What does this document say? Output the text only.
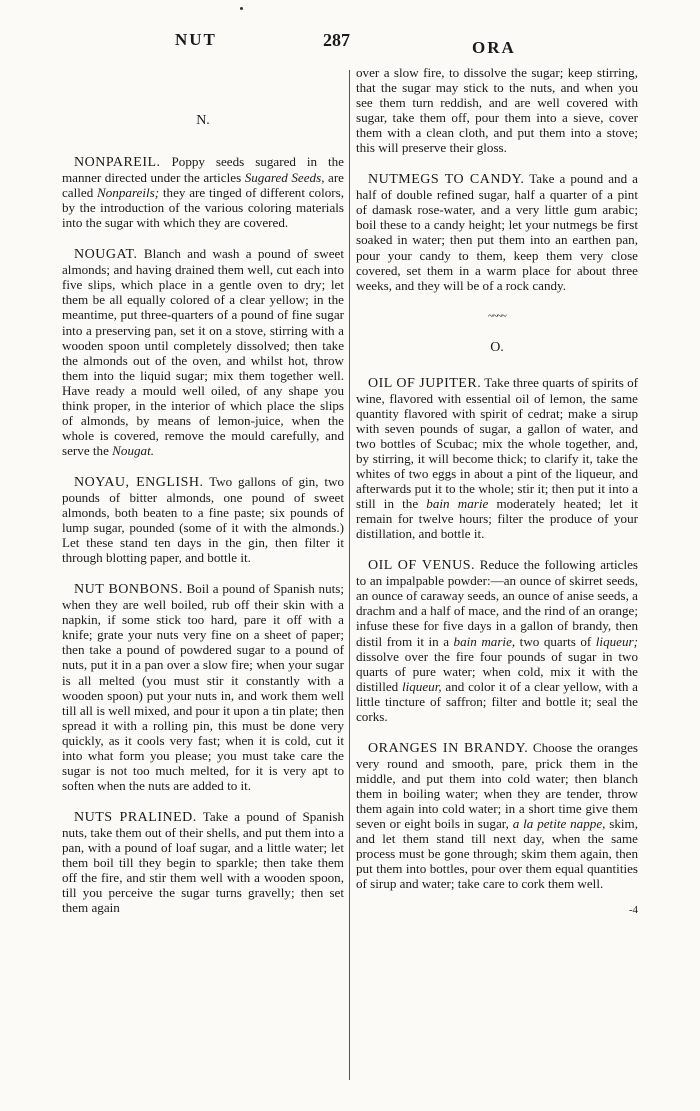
NUT	287	ORA
N.

NONPAREIL. Poppy seeds sugared in the manner directed under the articles Sugared Seeds, are called Nonpareils; they are tinged of different colors, by the introduction of the various coloring materials into the sugar with which they are covered.

NOUGAT. Blanch and wash a pound of sweet almonds; and having drained them well, cut each into five slips, which place in a gentle oven to dry; let them be all equally colored of a clear yellow; in the meantime, put three-quarters of a pound of fine sugar into a preserving pan, set it on a stove, stirring with a wooden spoon until completely dissolved; then take the almonds out of the oven, and whilst hot, throw them into the liquid sugar; mix them together well. Have ready a mould well oiled, of any shape you think proper, in the interior of which place the slips of almonds, by means of lemon-juice, when the whole is covered, remove the mould carefully, and serve the Nougat.

NOYAU, ENGLISH. Two gallons of gin, two pounds of bitter almonds, one pound of sweet almonds, both beaten to a fine paste; six pounds of lump sugar, pounded (some of it with the almonds.) Let these stand ten days in the gin, then filter it through blotting paper, and bottle it.

NUT BONBONS. Boil a pound of Spanish nuts; when they are well boiled, rub off their skin with a napkin, if some stick too hard, pare it off with a knife; grate your nuts very fine on a sheet of paper; then take a pound of powdered sugar to a pound of nuts, put it in a pan over a slow fire; when your sugar is all melted (you must stir it constantly with a wooden spoon) put your nuts in, and work them well till all is well mixed, and pour it upon a tin plate; then spread it with a rolling pin, this must be done very quickly, as it cools very fast; when it is cold, cut it into what form you please; you must take care the sugar is not too much melted, for it is very apt to soften when the nuts are added to it.

NUTS PRALINED. Take a pound of Spanish nuts, take them out of their shells, and put them into a pan, with a pound of loaf sugar, and a little water; let them boil till they begin to sparkle; then take them off the fire, and stir them well with a wooden spoon, till you perceive the sugar turns gravelly; then set them again

over a slow fire, to dissolve the sugar; keep stirring, that the sugar may stick to the nuts, and when you see them turn reddish, and are well covered with sugar, take them off, pour them into a sieve, cover them with a clean cloth, and put them into a stove; this will preserve their gloss.

NUTMEGS TO CANDY. Take a pound and a half of double refined sugar, half a quarter of a pint of damask rose-water, and a very little gum arabic; boil these to a candy height; let your nutmegs be first soaked in water; then put them into an earthen pan, pour your candy to them, keep them very close covered, set them in a warm place for about three weeks, and they will be of a rock candy.

~~~~
O.

OIL OF JUPITER. Take three quarts of spirits of wine, flavored with essential oil of lemon, the same quantity flavored with spirit of cedrat; make a sirup with seven pounds of sugar, a gallon of water, and two bottles of Scubac; mix the whole together, and, by stirring, it will become thick; to clarify it, take the whites of two eggs in about a pint of the liqueur, and afterwards put it to the whole; stir it; then put it into a still in the bain marie moderately heated; let it remain for twelve hours; filter the produce of your distillation, and bottle it.

OIL OF VENUS. Reduce the following articles to an impalpable powder:—an ounce of skirret seeds, an ounce of caraway seeds, an ounce of anise seeds, a drachm and a half of mace, and the rind of an orange; infuse these for five days in a gallon of brandy, then distil from it in a bain marie, two quarts of liqueur; dissolve over the fire four pounds of sugar in two quarts of pure water; when cold, mix it with the distilled liqueur, and color it of a clear yellow, with a little tincture of saffron; filter and bottle it; seal the corks.

ORANGES IN BRANDY. Choose the oranges very round and smooth, pare, prick them in the middle, and put them into cold water; then blanch them in boiling water; when they are tender, throw them again into cold water; in a short time give them seven or eight boils in sugar, a la petite nappe, skim, and let them stand till next day, when the same process must be gone through; skim them again, then put them into bottles, pour over them equal quantities of sirup and water; take care to cork them well.

-4
